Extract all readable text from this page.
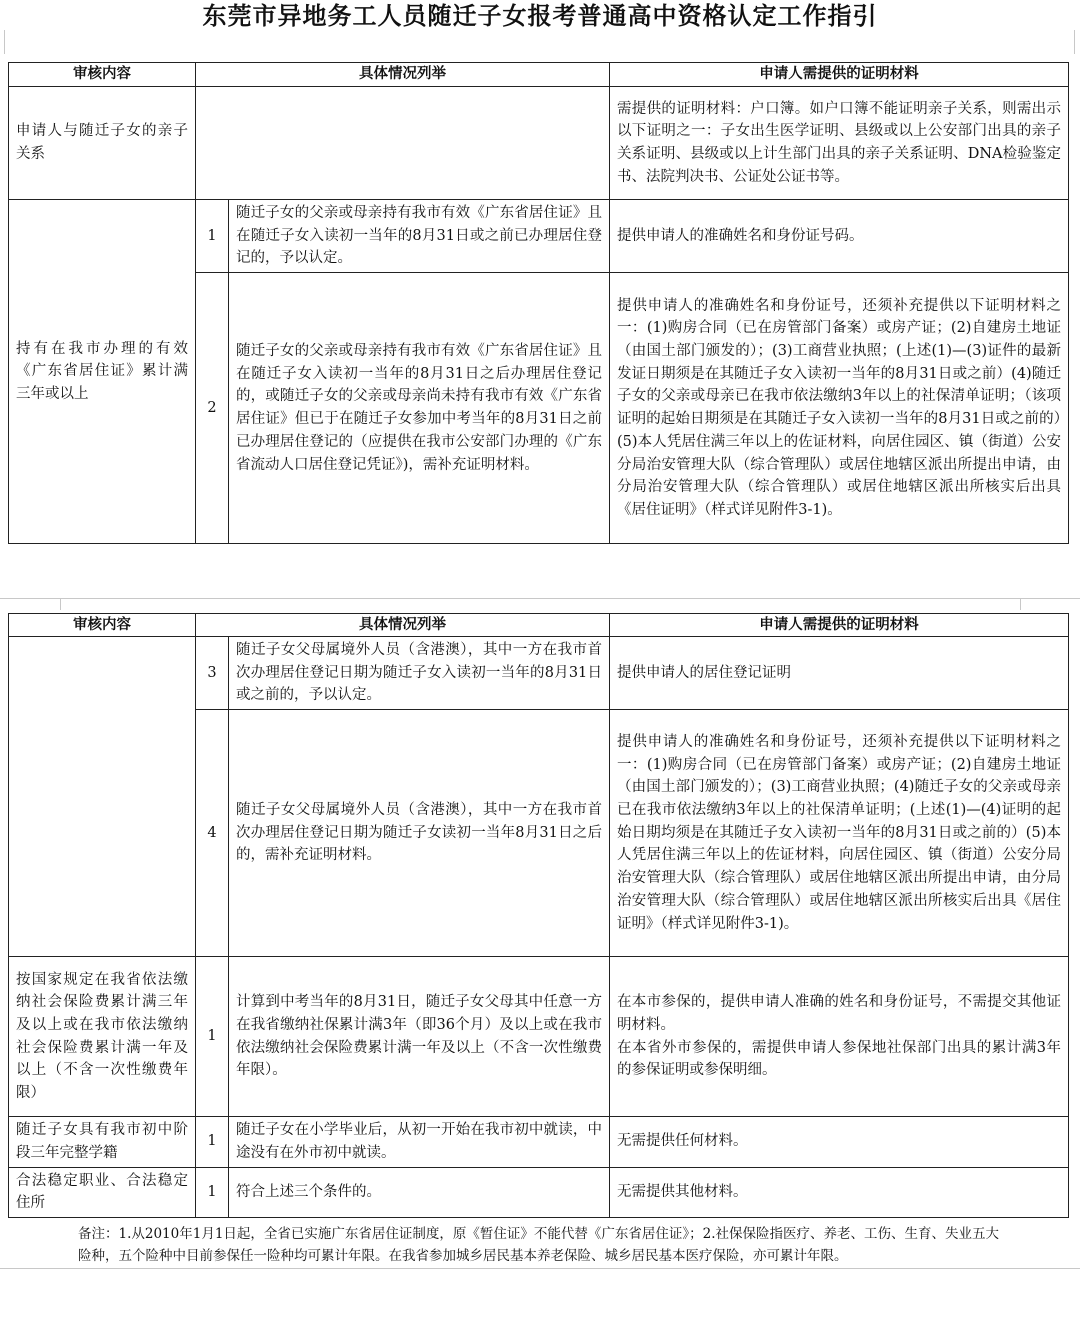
东莞市异地务工人员随迁子女报考普通高中资格认定工作指引
审核内容	具体情况列举		申请人需提供的证明材料
申请人与随迁子女的亲子关系			需提供的证明材料：户口簿。如户口簿不能证明亲子关系，则需出示以下证明之一：子女出生医学证明、县级或以上公安部门出具的亲子关系证明、县级或以上计生部门出具的亲子关系证明、DNA检验鉴定书、法院判决书、公证处公证书等。
持有在我市办理的有效《广东省居住证》累计满三年或以上	1	随迁子女的父亲或母亲持有我市有效《广东省居住证》且在随迁子女入读初一当年的8月31日或之前已办理居住登记的，予以认定。	提供申请人的准确姓名和身份证号码。
	2	随迁子女的父亲或母亲持有我市有效《广东省居住证》且在随迁子女入读初一当年的8月31日之后办理居住登记的，或随迁子女的父亲或母亲尚未持有我市有效《广东省居住证》但已于在随迁子女参加中考当年的8月31日之前已办理居住登记的（应提供在我市公安部门办理的《广东省流动人口居住登记凭证》)，需补充证明材料。	提供申请人的准确姓名和身份证号，还须补充提供以下证明材料之一：(1)购房合同（已在房管部门备案）或房产证；(2)自建房土地证（由国土部门颁发的）；(3)工商营业执照；(上述(1)—(3)证件的最新发证日期须是在其随迁子女入读初一当年的8月31日或之前）(4)随迁子女的父亲或母亲已在我市依法缴纳3年以上的社保清单证明；（该项证明的起始日期须是在其随迁子女入读初一当年的8月31日或之前的）(5)本人凭居住满三年以上的佐证材料，向居住园区、镇（街道）公安分局治安管理大队（综合管理队）或居住地辖区派出所提出申请，由分局治安管理大队（综合管理队）或居住地辖区派出所核实后出具《居住证明》（样式详见附件3-1)。
审核内容	具体情况列举		申请人需提供的证明材料
	3	随迁子女父母属境外人员（含港澳），其中一方在我市首次办理居住登记日期为随迁子女入读初一当年的8月31日或之前的，予以认定。	提供申请人的居住登记证明
	4	随迁子女父母属境外人员（含港澳），其中一方在我市首次办理居住登记日期为随迁子女读初一当年8月31日之后的，需补充证明材料。	提供申请人的准确姓名和身份证号，还须补充提供以下证明材料之一：(1)购房合同（已在房管部门备案）或房产证；(2)自建房土地证（由国土部门颁发的）；(3)工商营业执照；(4)随迁子女的父亲或母亲已在我市依法缴纳3年以上的社保清单证明；(上述(1)—(4)证明的起始日期均须是在其随迁子女入读初一当年的8月31日或之前的）(5)本人凭居住满三年以上的佐证材料，向居住园区、镇（街道）公安分局治安管理大队（综合管理队）或居住地辖区派出所提出申请，由分局治安管理大队（综合管理队）或居住地辖区派出所核实后出具《居住证明》（样式详见附件3-1)。
按国家规定在我省依法缴纳社会保险费累计满三年及以上或在我市依法缴纳社会保险费累计满一年及以上（不含一次性缴费年限）	1	计算到中考当年的8月31日，随迁子女父母其中任意一方在我省缴纳社保累计满3年（即36个月）及以上或在我市依法缴纳社会保险费累计满一年及以上（不含一次性缴费年限）。	在本市参保的，提供申请人准确的姓名和身份证号，不需提交其他证明材料。
在本省外市参保的，需提供申请人参保地社保部门出具的累计满3年的参保证明或参保明细。

随迁子女具有我市初中阶段三年完整学籍	1	随迁子女在小学毕业后，从初一开始在我市初中就读，中途没有在外市初中就读。	无需提供任何材料。
合法稳定职业、合法稳定住所	1	符合上述三个条件的。	无需提供其他材料。
备注：1.从2010年1月1日起，全省已实施广东省居住证制度，原《暂住证》不能代替《广东省居住证》；2.社保保险指医疗、养老、工伤、生育、失业五大险种，五个险种中目前参保任一险种均可累计年限。在我省参加城乡居民基本养老保险、城乡居民基本医疗保险，亦可累计年限。
